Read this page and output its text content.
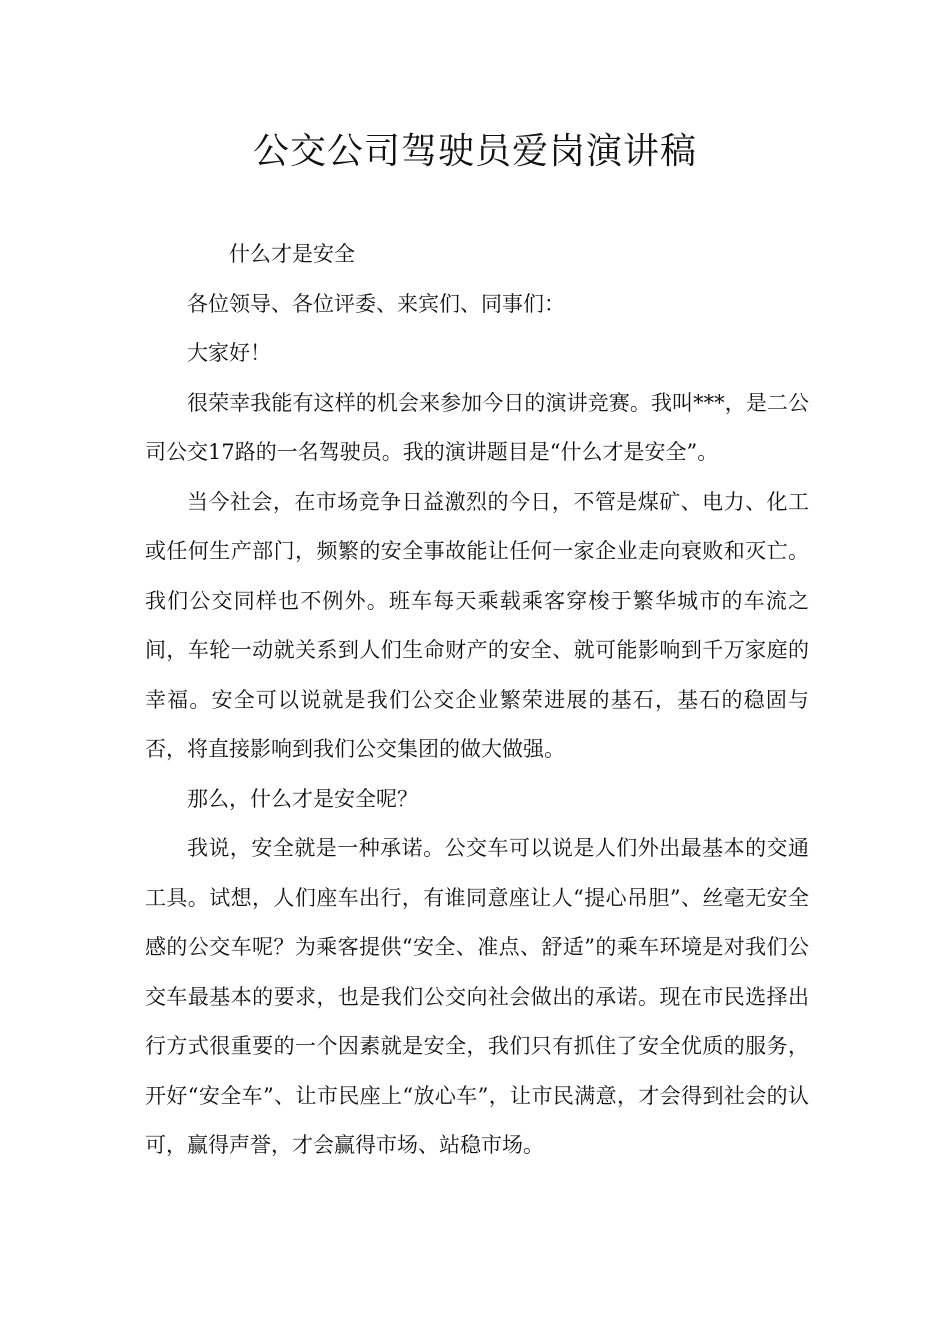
公交公司驾驶员爱岗演讲稿

什么才是安全

各位领导、各位评委、来宾们、同事们：

大家好！

很荣幸我能有这样的机会来参加今日的演讲竞赛。我叫***，是二公司公交17路的一名驾驶员。我的演讲题目是“什么才是安全”。

当今社会，在市场竞争日益激烈的今日，不管是煤矿、电力、化工或任何生产部门，频繁的安全事故能让任何一家企业走向衰败和灭亡。我们公交同样也不例外。班车每天乘载乘客穿梭于繁华城市的车流之间，车轮一动就关系到人们生命财产的安全、就可能影响到千万家庭的幸福。安全可以说就是我们公交企业繁荣进展的基石，基石的稳固与否，将直接影响到我们公交集团的做大做强。

那么，什么才是安全呢？

我说，安全就是一种承诺。公交车可以说是人们外出最基本的交通工具。试想，人们座车出行，有谁同意座让人“提心吊胆”、丝毫无安全感的公交车呢？为乘客提供“安全、准点、舒适”的乘车环境是对我们公交车最基本的要求，也是我们公交向社会做出的承诺。现在市民选择出行方式很重要的一个因素就是安全，我们只有抓住了安全优质的服务，开好“安全车”、让市民座上“放心车”，让市民满意，才会得到社会的认可，赢得声誉，才会赢得市场、站稳市场。
